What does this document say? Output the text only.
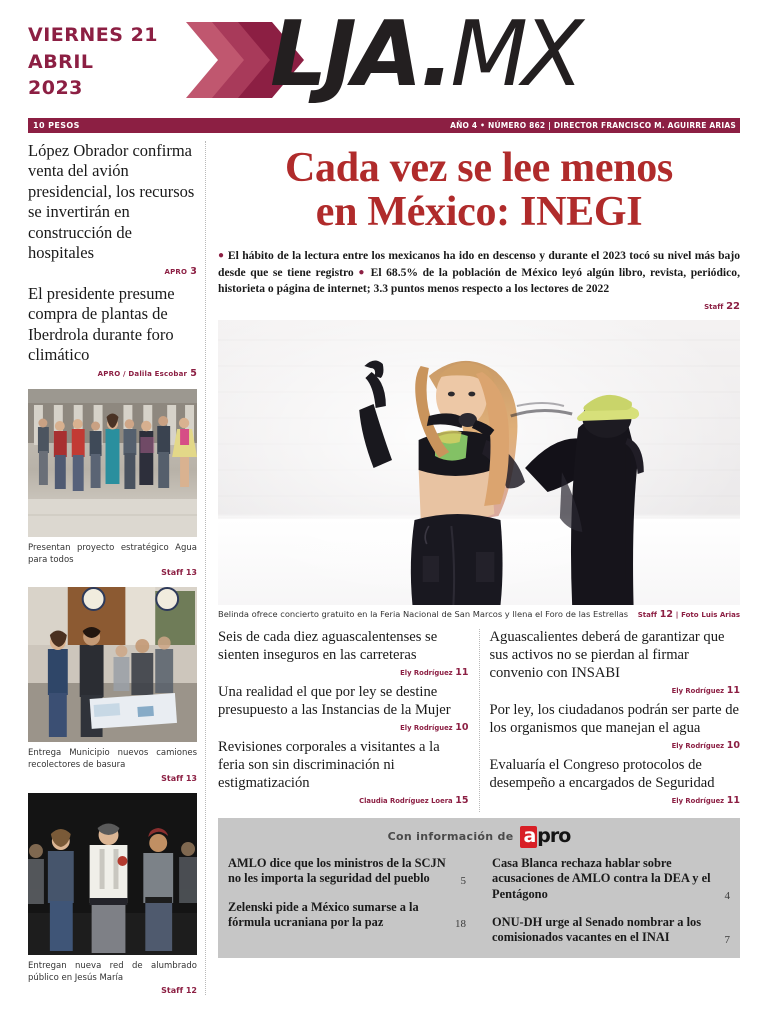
VIERNES 21
ABRIL
2023	LJA.MX
10 PESOS	AÑO 4 • NÚMERO 862 | DIRECTOR FRANCISCO M. AGUIRRE ARIAS

López Obrador confirma venta del avión presidencial, los recursos se invertirán en construcción de hospitales

APRO 3

El presidente presume compra de plantas de Iberdrola durante foro climático

APRO / Dalila Escobar 5
Presentan proyecto estratégico Agua para todos
Staff 13
Entrega Municipio nuevos camiones recolectores de basura
Staff 13
Entregan nueva red de alumbrado público en Jesús María
Staff 12
Cada vez se lee menos
en México: INEGI
● El hábito de la lectura entre los mexicanos ha ido en descenso y durante el 2023 tocó su nivel más bajo desde que se tiene registro ● El 68.5% de la población de México leyó algún libro, revista, periódico, historieta o página de internet; 3.3 puntos menos respecto a los lectores de 2022
Staff 22
Belinda ofrece concierto gratuito en la Feria Nacional de San Marcos y llena el Foro de las Estrellas Staff 12 | Foto Luis Arias

Seis de cada diez aguascalentenses se sienten inseguros en las carreteras

Ely Rodríguez 11

Una realidad el que por ley se destine presupuesto a las Instancias de la Mujer

Ely Rodríguez 10

Revisiones corporales a visitantes a la feria son sin discriminación ni estigmatización

Claudia Rodríguez Loera 15

Aguascalientes deberá de garantizar que sus activos no se pierdan al firmar convenio con INSABI

Ely Rodríguez 11

Por ley, los ciudadanos podrán ser parte de los organismos que manejan el agua

Ely Rodríguez 10

Evaluaría el Congreso protocolos de desempeño a encargados de Seguridad

Ely Rodríguez 11
Con información de a pro
AMLO dice que los ministros de la SCJN no les importa la seguridad del pueblo	5
Zelenski pide a México sumarse a la fórmula ucraniana por la paz	18
Casa Blanca rechaza hablar sobre acusaciones de AMLO contra la DEA y el Pentágono	4
ONU-DH urge al Senado nombrar a los comisionados vacantes en el INAI	7
